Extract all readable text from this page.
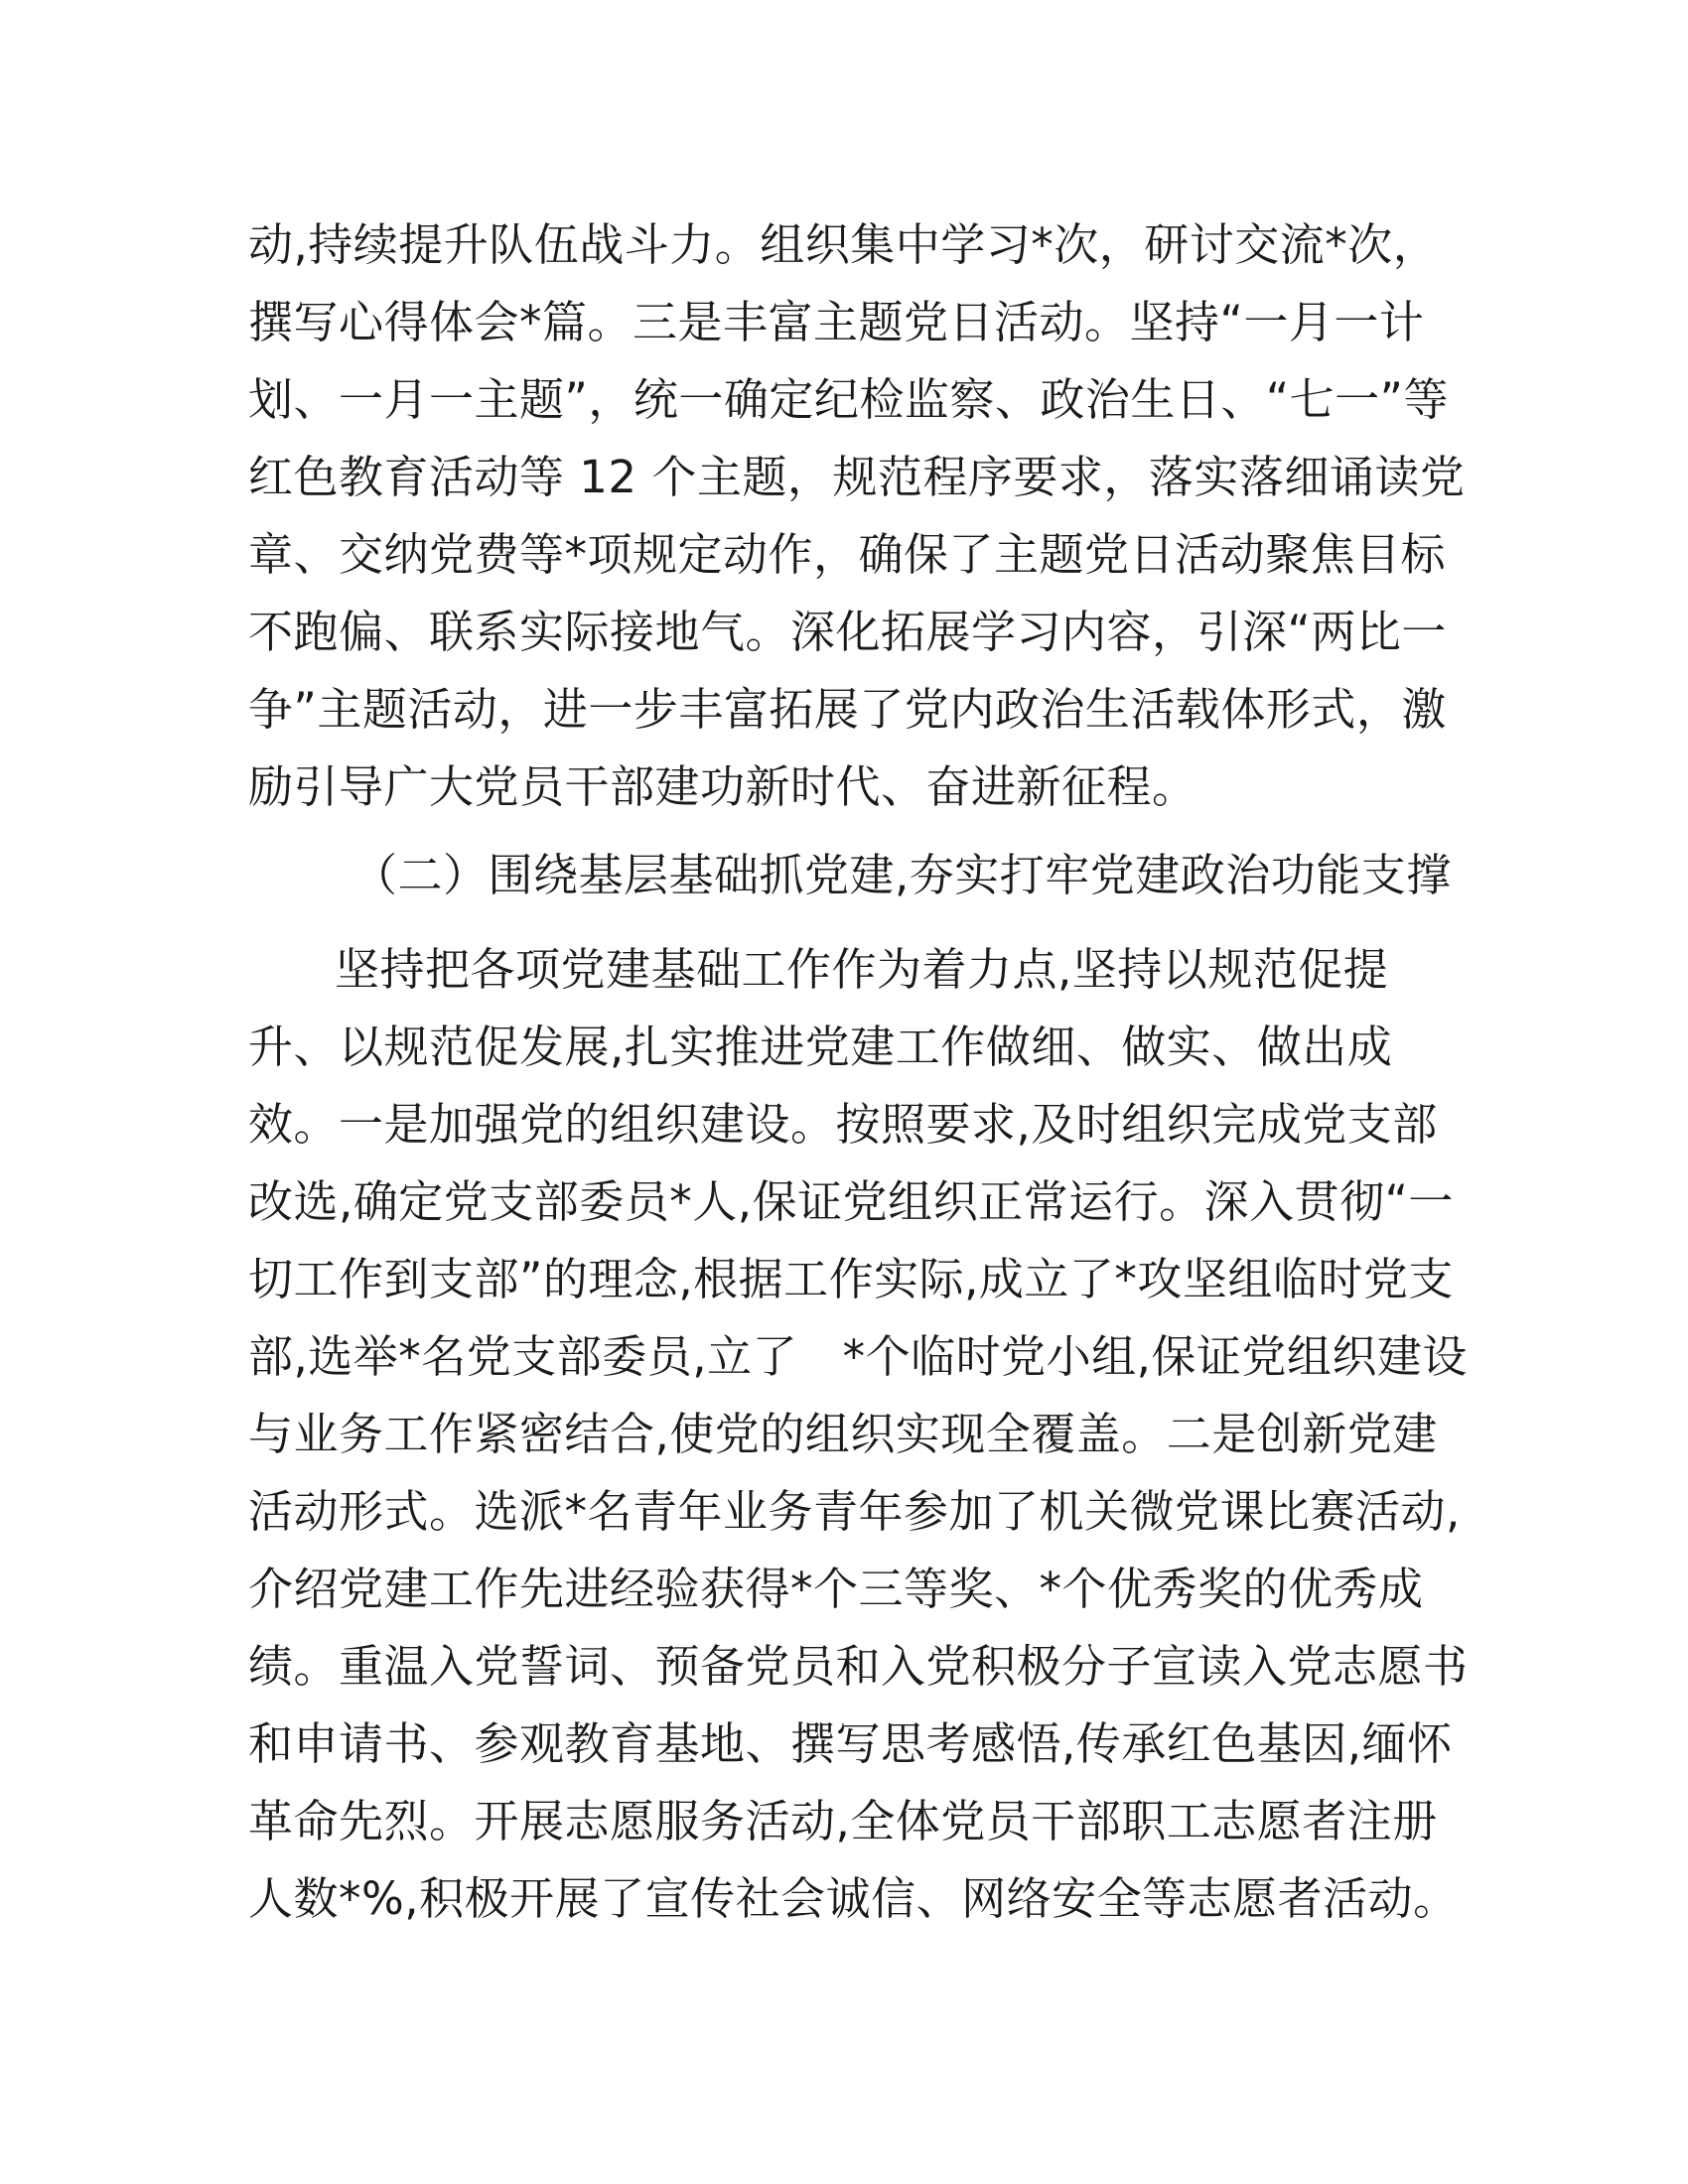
动,持续提升队伍战斗力。组织集中学习*次，研讨交流*次，
撰写心得体会*篇。三是丰富主题党日活动。坚持“一月一计
划、一月一主题”，统一确定纪检监察、政治生日、“七一”等
红色教育活动等 12 个主题，规范程序要求，落实落细诵读党
章、交纳党费等*项规定动作，确保了主题党日活动聚焦目标
不跑偏、联系实际接地气。深化拓展学习内容，引深“两比一
争”主题活动，进一步丰富拓展了党内政治生活载体形式，激
励引导广大党员干部建功新时代、奋进新征程。
（二）围绕基层基础抓党建,夯实打牢党建政治功能支撑
坚持把各项党建基础工作作为着力点,坚持以规范促提
升、以规范促发展,扎实推进党建工作做细、做实、做出成
效。一是加强党的组织建设。按照要求,及时组织完成党支部
改选,确定党支部委员*人,保证党组织正常运行。深入贯彻“一
切工作到支部”的理念,根据工作实际,成立了*攻坚组临时党支
部,选举*名党支部委员,立了　*个临时党小组,保证党组织建设
与业务工作紧密结合,使党的组织实现全覆盖。二是创新党建
活动形式。选派*名青年业务青年参加了机关微党课比赛活动,
介绍党建工作先进经验获得*个三等奖、*个优秀奖的优秀成
绩。重温入党誓词、预备党员和入党积极分子宣读入党志愿书
和申请书、参观教育基地、撰写思考感悟,传承红色基因,缅怀
革命先烈。开展志愿服务活动,全体党员干部职工志愿者注册
人数*%,积极开展了宣传社会诚信、网络安全等志愿者活动。
